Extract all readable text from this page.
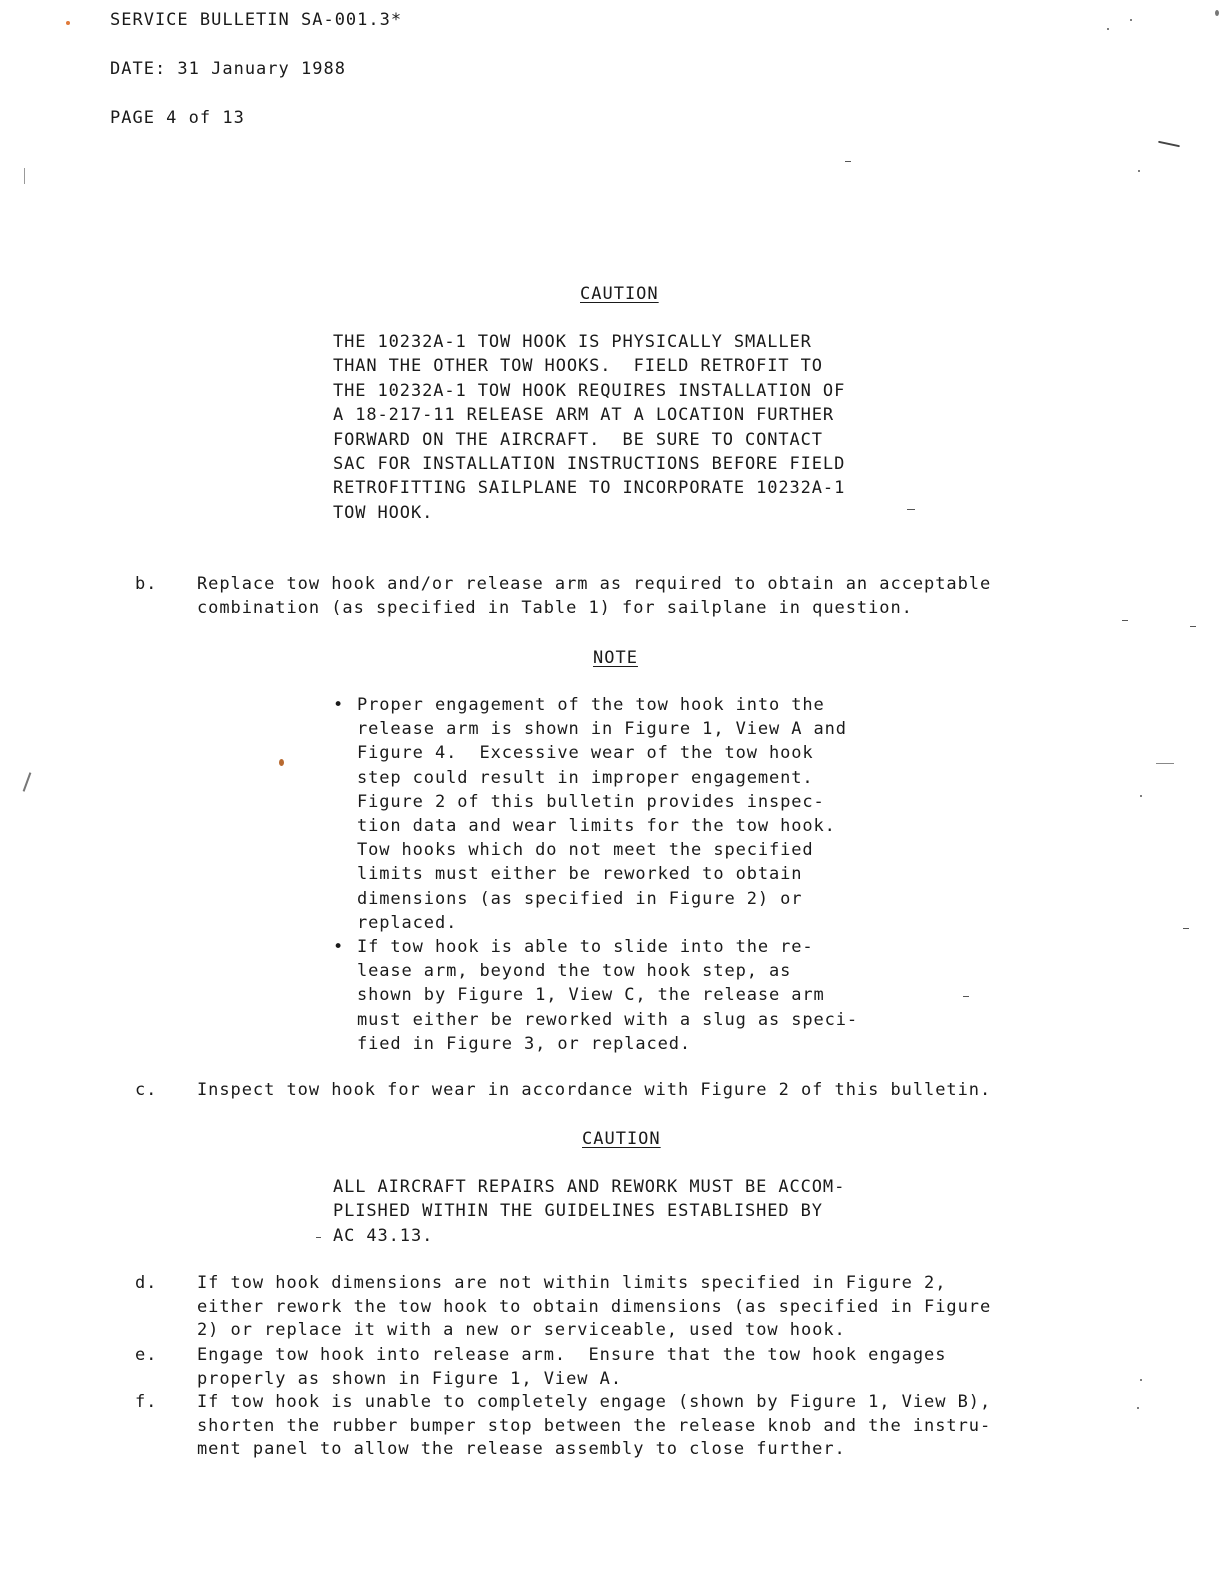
SERVICE BULLETIN SA-001.3*
DATE: 31 January 1988
PAGE 4 of 13
CAUTION
THE 10232A-1 TOW HOOK IS PHYSICALLY SMALLER
THAN THE OTHER TOW HOOKS.  FIELD RETROFIT TO
THE 10232A-1 TOW HOOK REQUIRES INSTALLATION OF
A 18-217-11 RELEASE ARM AT A LOCATION FURTHER
FORWARD ON THE AIRCRAFT.  BE SURE TO CONTACT
SAC FOR INSTALLATION INSTRUCTIONS BEFORE FIELD
RETROFITTING SAILPLANE TO INCORPORATE 10232A-1
TOW HOOK.
b. Replace tow hook and/or release arm as required to obtain an acceptable
combination (as specified in Table 1) for sailplane in question.
NOTE
• Proper engagement of the tow hook into the
release arm is shown in Figure 1, View A and
Figure 4.  Excessive wear of the tow hook
step could result in improper engagement.
Figure 2 of this bulletin provides inspec-
tion data and wear limits for the tow hook.
Tow hooks which do not meet the specified
limits must either be reworked to obtain
dimensions (as specified in Figure 2) or
replaced.
• If tow hook is able to slide into the re-
lease arm, beyond the tow hook step, as
shown by Figure 1, View C, the release arm
must either be reworked with a slug as speci-
fied in Figure 3, or replaced.
c. Inspect tow hook for wear in accordance with Figure 2 of this bulletin.
CAUTION
ALL AIRCRAFT REPAIRS AND REWORK MUST BE ACCOM-
PLISHED WITHIN THE GUIDELINES ESTABLISHED BY
AC 43.13.
d. If tow hook dimensions are not within limits specified in Figure 2,
either rework the tow hook to obtain dimensions (as specified in Figure
2) or replace it with a new or serviceable, used tow hook.
e. Engage tow hook into release arm.  Ensure that the tow hook engages
properly as shown in Figure 1, View A.
f. If tow hook is unable to completely engage (shown by Figure 1, View B),
shorten the rubber bumper stop between the release knob and the instru-
ment panel to allow the release assembly to close further.
